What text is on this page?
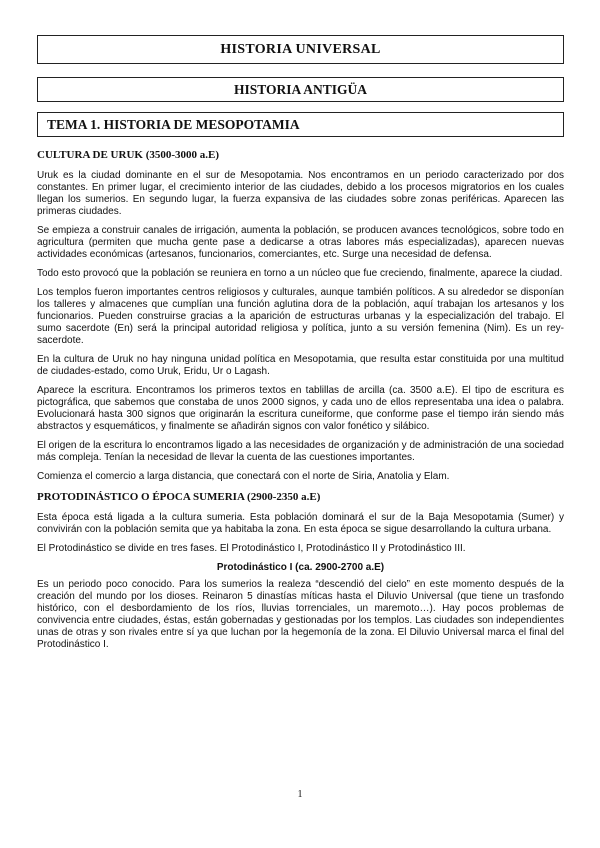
HISTORIA UNIVERSAL
HISTORIA ANTIGÜA
TEMA 1. HISTORIA DE MESOPOTAMIA
CULTURA DE URUK (3500-3000 a.E)

Uruk es la ciudad dominante en el sur de Mesopotamia. Nos encontramos en un periodo caracterizado por dos constantes. En primer lugar, el crecimiento interior de las ciudades, debido a los procesos migratorios en los cuales llegan los sumerios. En segundo lugar, la fuerza expansiva de las ciudades sobre zonas periféricas. Aparecen las primeras ciudades.

Se empieza a construir canales de irrigación, aumenta la población, se producen avances tecnológicos, sobre todo en agricultura (permiten que mucha gente pase a dedicarse a otras labores más especializadas), aparecen nuevas actividades económicas (artesanos, funcionarios, comerciantes, etc. Surge una necesidad de defensa.

Todo esto provocó que la población se reuniera en torno a un núcleo que fue creciendo, finalmente, aparece la ciudad.

Los templos fueron importantes centros religiosos y culturales, aunque también políticos. A su alrededor se disponían los talleres y almacenes que cumplían una función aglutina dora de la población, aquí trabajan los artesanos y los funcionarios. Pueden construirse gracias a la aparición de estructuras urbanas y la especialización del trabajo. El sumo sacerdote (En) será la principal autoridad religiosa y política, junto a su versión femenina (Nim). Es un rey-sacerdote.

En la cultura de Uruk no hay ninguna unidad política en Mesopotamia, que resulta estar constituida por una multitud de ciudades-estado, como Uruk, Eridu, Ur o Lagash.

Aparece la escritura. Encontramos los primeros textos en tablillas de arcilla (ca. 3500 a.E). El tipo de escritura es pictográfica, que sabemos que constaba de unos 2000 signos, y cada uno de ellos representaba una idea o palabra. Evolucionará hasta 300 signos que originarán la escritura cuneiforme, que conforme pase el tiempo irán siendo más abstractos y esquemáticos, y finalmente se añadirán signos con valor fonético y silábico.

El origen de la escritura lo encontramos ligado a las necesidades de organización y de administración de una sociedad más compleja. Tenían la necesidad de llevar la cuenta de las cuestiones importantes.

Comienza el comercio a larga distancia, que conectará con el norte de Siria, Anatolia y Elam.

PROTODINÁSTICO O ÉPOCA SUMERIA (2900-2350 a.E)

Esta época está ligada a la cultura sumeria. Esta población dominará el sur de la Baja Mesopotamia (Sumer) y convivirán con la población semita que ya habitaba la zona. En esta época se sigue desarrollando la cultura urbana.

El Protodinástico se divide en tres fases. El Protodinástico I, Protodinástico II y Protodinástico III.

Protodinástico I (ca. 2900-2700 a.E)

Es un periodo poco conocido. Para los sumerios la realeza “descendió del cielo” en este momento después de la creación del mundo por los dioses. Reinaron 5 dinastías míticas hasta el Diluvio Universal (que tiene un trasfondo histórico, con el desbordamiento de los ríos, lluvias torrenciales, un maremoto…). Hay pocos problemas de convivencia entre ciudades, éstas, están gobernadas y gestionadas por los templos. Las ciudades son independientes unas de otras y son rivales entre sí ya que luchan por la hegemonía de la zona. El Diluvio Universal marca el final del Protodinástico I.

1
